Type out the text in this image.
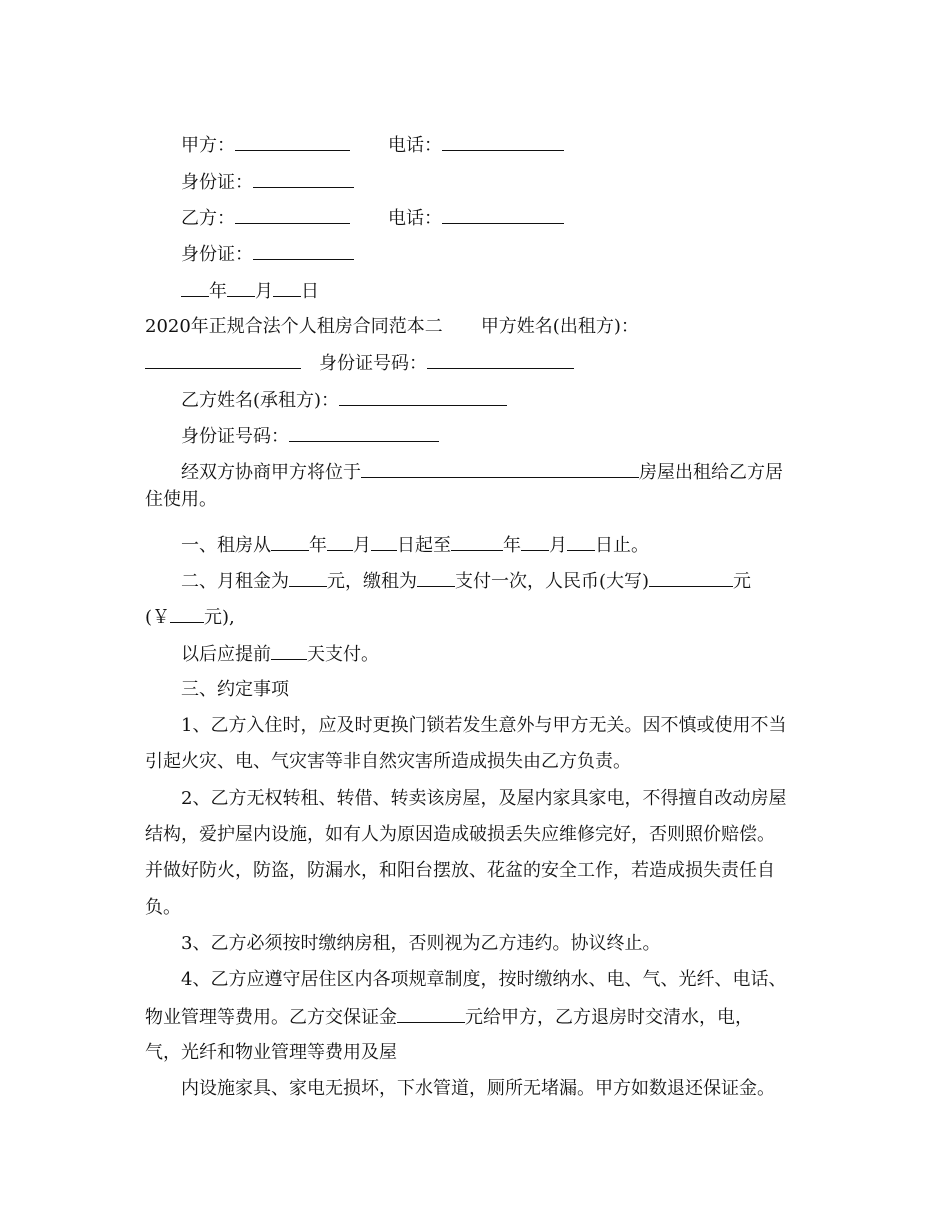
甲方：	电话：
身份证：
乙方：	电话：
身份证：
年 月 日
2020年正规合法个人租房合同范本二 甲方姓名(出租方)：
身份证号码：
乙方姓名(承租方)：
身份证号码：
经双方协商甲方将位于	房屋出租给乙方居
住使用。
一、租房从 年 月 日起至	年 月 日止。
二、月租金为 元，缴租为 支付一次，人民币(大写)	元
(￥ 元),
以后应提前 天支付。
三、约定事项
1、乙方入住时，应及时更换门锁若发生意外与甲方无关。因不慎或使用不当
引起火灾、电、气灾害等非自然灾害所造成损失由乙方负责。
2、乙方无权转租、转借、转卖该房屋，及屋内家具家电，不得擅自改动房屋
结构，爱护屋内设施，如有人为原因造成破损丢失应维修完好，否则照价赔偿。
并做好防火，防盗，防漏水，和阳台摆放、花盆的安全工作，若造成损失责任自
负。
3、乙方必须按时缴纳房租，否则视为乙方违约。协议终止。
4、乙方应遵守居住区内各项规章制度，按时缴纳水、电、气、光纤、电话、
物业管理等费用。乙方交保证金	元给甲方，乙方退房时交清水，电，
气，光纤和物业管理等费用及屋
内设施家具、家电无损坏，下水管道，厕所无堵漏。甲方如数退还保证金。
